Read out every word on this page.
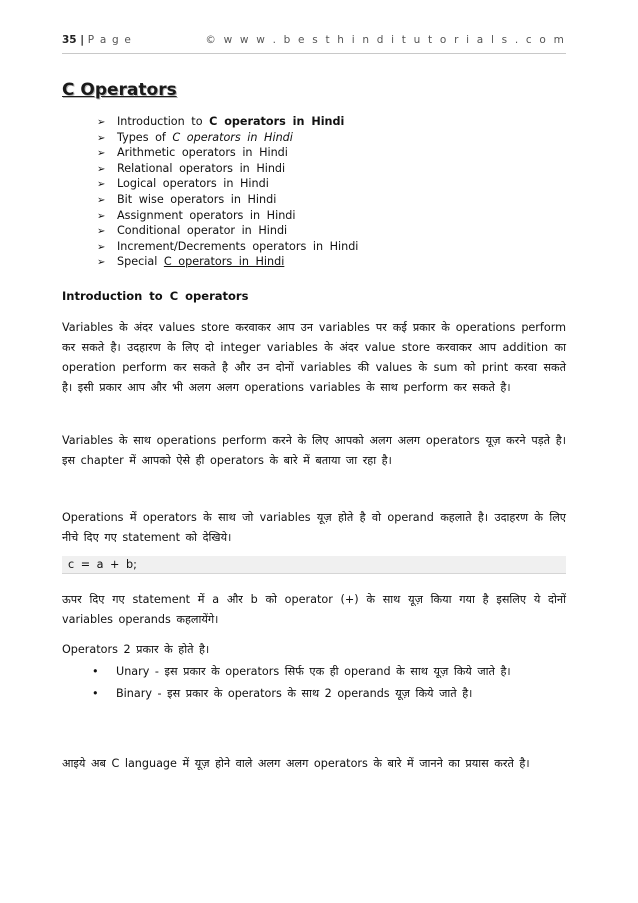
35 | P a g e	© w w w . b e s t h i n d i t u t o r i a l s . c o m
C Operators
➢ Introduction to C operators in Hindi
➢ Types of C operators in Hindi
➢ Arithmetic operators in Hindi
➢ Relational operators in Hindi
➢ Logical operators in Hindi
➢ Bit wise operators in Hindi
➢ Assignment operators in Hindi
➢ Conditional operator in Hindi
➢ Increment/Decrements operators in Hindi
➢ Special C operators in Hindi
Introduction to C operators
Variables के अंदर values store करवाकर आप उन variables पर कई प्रकार के operations perform कर सकते है। उदहारण के लिए दो integer variables के अंदर value store करवाकर आप addition का operation perform कर सकते है और उन दोनों variables की values के sum को print करवा सकते है। इसी प्रकार आप और भी अलग अलग operations variables के साथ perform कर सकते है।
Variables के साथ operations perform करने के लिए आपको अलग अलग operators यूज़ करने पड़ते है। इस chapter में आपको ऐसे ही operators के बारे में बताया जा रहा है।
Operations में operators के साथ जो variables यूज़ होते है वो operand कहलाते है। उदाहरण के लिए नीचे दिए गए statement को देखिये।
c = a + b;
ऊपर दिए गए statement में a और b को operator (+) के साथ यूज़ किया गया है इसलिए ये दोनों variables operands कहलायेंगे।
Operators 2 प्रकार के होते है।
• Unary - इस प्रकार के operators सिर्फ एक ही operand के साथ यूज़ किये जाते है।
• Binary - इस प्रकार के operators के साथ 2 operands यूज़ किये जाते है।
आइये अब C language में यूज़ होने वाले अलग अलग operators के बारे में जानने का प्रयास करते है।
